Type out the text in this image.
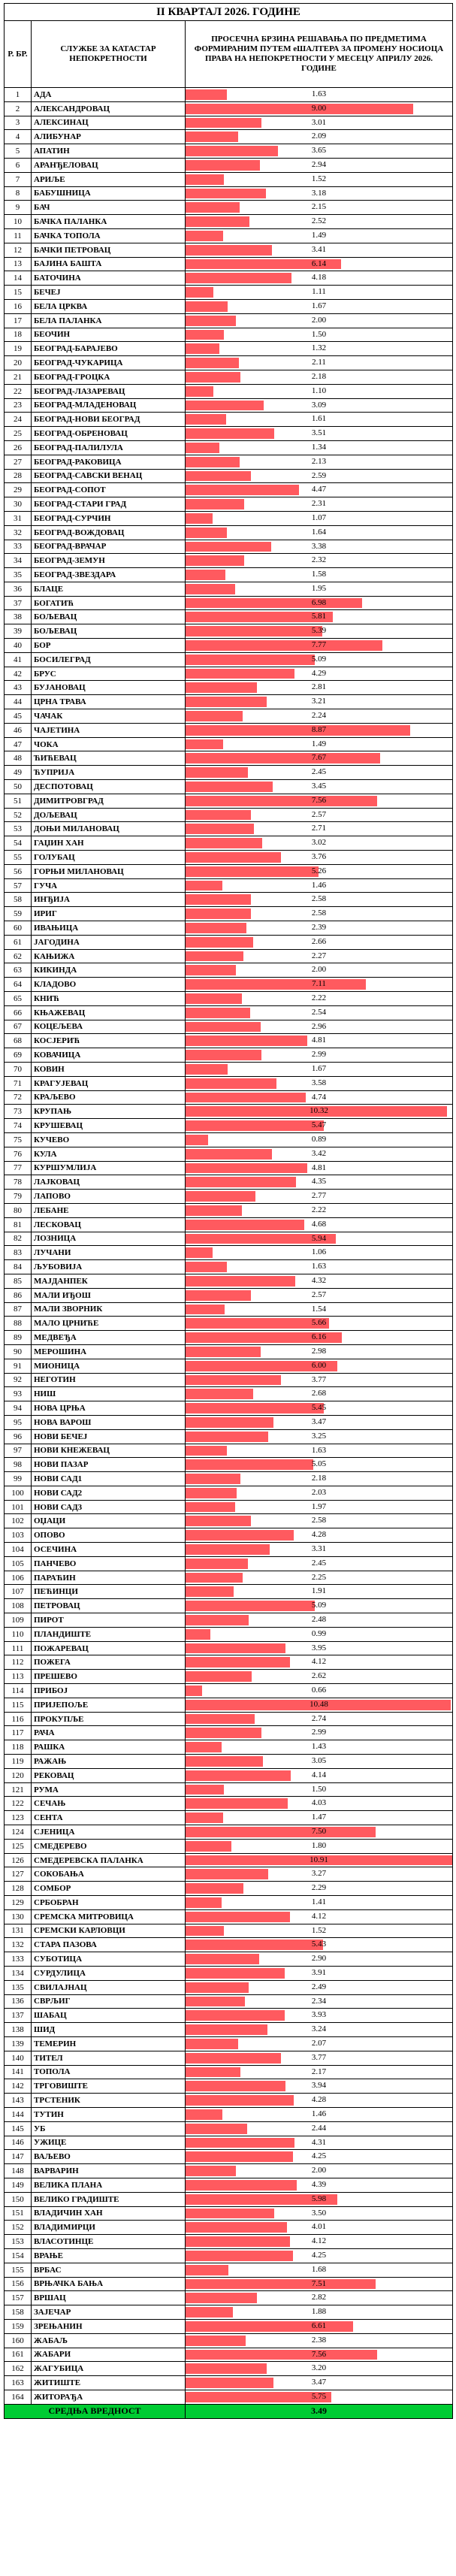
II КВАРТАЛ 2026. ГОДИНЕ		
Р. БР.	СЛУЖБЕ ЗА КАТАСТАР НЕПОКРЕТНОСТИ	ПРОСЕЧНА БРЗИНА РЕШАВАЊА ПО ПРЕДМЕТИМА ФОРМИРАНИМ ПУТЕМ еШАЛТЕРА ЗА ПРОМЕНУ НОСИОЦА ПРАВА НА НЕПОКРЕТНОСТИ У МЕСЕЦУ АПРИЛУ 2026. ГОДИНЕ
1	АДА	1.63

2	АЛЕКСАНДРОВАЦ	9.00

3	АЛЕКСИНАЦ	3.01

4	АЛИБУНАР	2.09

5	АПАТИН	3.65

6	АРАНЂЕЛОВАЦ	2.94

7	АРИЉЕ	1.52

8	БАБУШНИЦА	3.18

9	БАЧ	2.15

10	БАЧКА ПАЛАНКА	2.52

11	БАЧКА ТОПОЛА	1.49

12	БАЧКИ ПЕТРОВАЦ	3.41

13	БАЈИНА БАШТА	6.14

14	БАТОЧИНА	4.18

15	БЕЧЕЈ	1.11

16	БЕЛА ЦРКВА	1.67

17	БЕЛА ПАЛАНКА	2.00

18	БЕОЧИН	1.50

19	БЕОГРАД-БАРАЈЕВО	1.32

20	БЕОГРАД-ЧУКАРИЦА	2.11

21	БЕОГРАД-ГРОЦКА	2.18

22	БЕОГРАД-ЛАЗАРЕВАЦ	1.10

23	БЕОГРАД-МЛАДЕНОВАЦ	3.09

24	БЕОГРАД-НОВИ БЕОГРАД	1.61

25	БЕОГРАД-ОБРЕНОВАЦ	3.51

26	БЕОГРАД-ПАЛИЛУЛА	1.34

27	БЕОГРАД-РАКОВИЦА	2.13

28	БЕОГРАД-САВСКИ ВЕНАЦ	2.59

29	БЕОГРАД-СОПОТ	4.47

30	БЕОГРАД-СТАРИ ГРАД	2.31

31	БЕОГРАД-СУРЧИН	1.07

32	БЕОГРАД-ВОЖДОВАЦ	1.64

33	БЕОГРАД-ВРАЧАР	3.38

34	БЕОГРАД-ЗЕМУН	2.32

35	БЕОГРАД-ЗВЕЗДАРА	1.58

36	БЛАЦЕ	1.95

37	БОГАТИЋ	6.98

38	БОЉЕВАЦ	5.81

39	БОЉЕВАЦ	5.39

40	БОР	7.77

41	БОСИЛЕГРАД	5.09

42	БРУС	4.29

43	БУЈАНОВАЦ	2.81

44	ЦРНА ТРАВА	3.21

45	ЧАЧАК	2.24

46	ЧАЈЕТИНА	8.87

47	ЧОКА	1.49

48	ЋИЋЕВАЦ	7.67

49	ЋУПРИЈА	2.45

50	ДЕСПОТОВАЦ	3.45

51	ДИМИТРОВГРАД	7.56

52	ДОЉЕВАЦ	2.57

53	ДОЊИ МИЛАНОВАЦ	2.71

54	ГАЏИН ХАН	3.02

55	ГОЛУБАЦ	3.76

56	ГОРЊИ МИЛАНОВАЦ	5.26

57	ГУЧА	1.46

58	ИНЂИЈА	2.58

59	ИРИГ	2.58

60	ИВАЊИЦА	2.39

61	ЈАГОДИНА	2.66

62	КАЊИЖА	2.27

63	КИКИНДА	2.00

64	КЛАДОВО	7.11

65	КНИЋ	2.22

66	КЊАЖЕВАЦ	2.54

67	КОЦЕЉЕВА	2.96

68	КОСЈЕРИЋ	4.81

69	КОВАЧИЦА	2.99

70	КОВИН	1.67

71	КРАГУЈЕВАЦ	3.58

72	КРАЉЕВО	4.74

73	КРУПАЊ	10.32

74	КРУШЕВАЦ	5.47

75	КУЧЕВО	0.89

76	КУЛА	3.42

77	КУРШУМЛИЈА	4.81

78	ЛАЈКОВАЦ	4.35

79	ЛАПОВО	2.77

80	ЛЕБАНЕ	2.22

81	ЛЕСКОВАЦ	4.68

82	ЛОЗНИЦА	5.94

83	ЛУЧАНИ	1.06

84	ЉУБОВИЈА	1.63

85	МАЈДАНПЕК	4.32

86	МАЛИ ИЂОШ	2.57

87	МАЛИ ЗВОРНИК	1.54

88	МАЛО ЦРНИЋЕ	5.66

89	МЕДВЕЂА	6.16

90	МЕРОШИНА	2.98

91	МИОНИЦА	6.00

92	НЕГОТИН	3.77

93	НИШ	2.68

94	НОВА ЦРЊА	5.45

95	НОВА ВАРОШ	3.47

96	НОВИ БЕЧЕЈ	3.25

97	НОВИ КНЕЖЕВАЦ	1.63

98	НОВИ ПАЗАР	5.05

99	НОВИ САД1	2.18

100	НОВИ САД2	2.03

101	НОВИ САД3	1.97

102	ОЏАЦИ	2.58

103	ОПОВО	4.28

104	ОСЕЧИНА	3.31

105	ПАНЧЕВО	2.45

106	ПАРАЋИН	2.25

107	ПЕЋИНЦИ	1.91

108	ПЕТРОВАЦ	5.09

109	ПИРОТ	2.48

110	ПЛАНДИШТЕ	0.99

111	ПОЖАРЕВАЦ	3.95

112	ПОЖЕГА	4.12

113	ПРЕШЕВО	2.62

114	ПРИБОЈ	0.66

115	ПРИЈЕПОЉЕ	10.48

116	ПРОКУПЉЕ	2.74

117	РАЧА	2.99

118	РАШКА	1.43

119	РАЖАЊ	3.05

120	РЕКОВАЦ	4.14

121	РУМА	1.50

122	СЕЧАЊ	4.03

123	СЕНТА	1.47

124	СЈЕНИЦА	7.50

125	СМЕДЕРЕВО	1.80

126	СМЕДЕРЕВСКА ПАЛАНКА	10.91

127	СОКОБАЊА	3.27

128	СОМБОР	2.29

129	СРБОБРАН	1.41

130	СРЕМСКА МИТРОВИЦА	4.12

131	СРЕМСКИ КАРЛОВЦИ	1.52

132	СТАРА ПАЗОВА	5.43

133	СУБОТИЦА	2.90

134	СУРДУЛИЦА	3.91

135	СВИЛАЈНАЦ	2.49

136	СВРЉИГ	2.34

137	ШАБАЦ	3.93

138	ШИД	3.24

139	ТЕМЕРИН	2.07

140	ТИТЕЛ	3.77

141	ТОПОЛА	2.17

142	ТРГОВИШТЕ	3.94

143	ТРСТЕНИК	4.28

144	ТУТИН	1.46

145	УБ	2.44

146	УЖИЦЕ	4.31

147	ВАЉЕВО	4.25

148	ВАРВАРИН	2.00

149	ВЕЛИКА ПЛАНА	4.39

150	ВЕЛИКО ГРАДИШТЕ	5.98

151	ВЛАДИЧИН ХАН	3.50

152	ВЛАДИМИРЦИ	4.01

153	ВЛАСОТИНЦЕ	4.12

154	ВРАЊЕ	4.25

155	ВРБАС	1.68

156	ВРЊАЧКА БАЊА	7.51

157	ВРШАЦ	2.82

158	ЗАЈЕЧАР	1.88

159	ЗРЕЊАНИН	6.61

160	ЖАБАЉ	2.38

161	ЖАБАРИ	7.56

162	ЖАГУБИЦА	3.20

163	ЖИТИШТЕ	3.47

164	ЖИТОРАЂА	5.75

СРЕДЊА ВРЕДНОСТ		3.49
